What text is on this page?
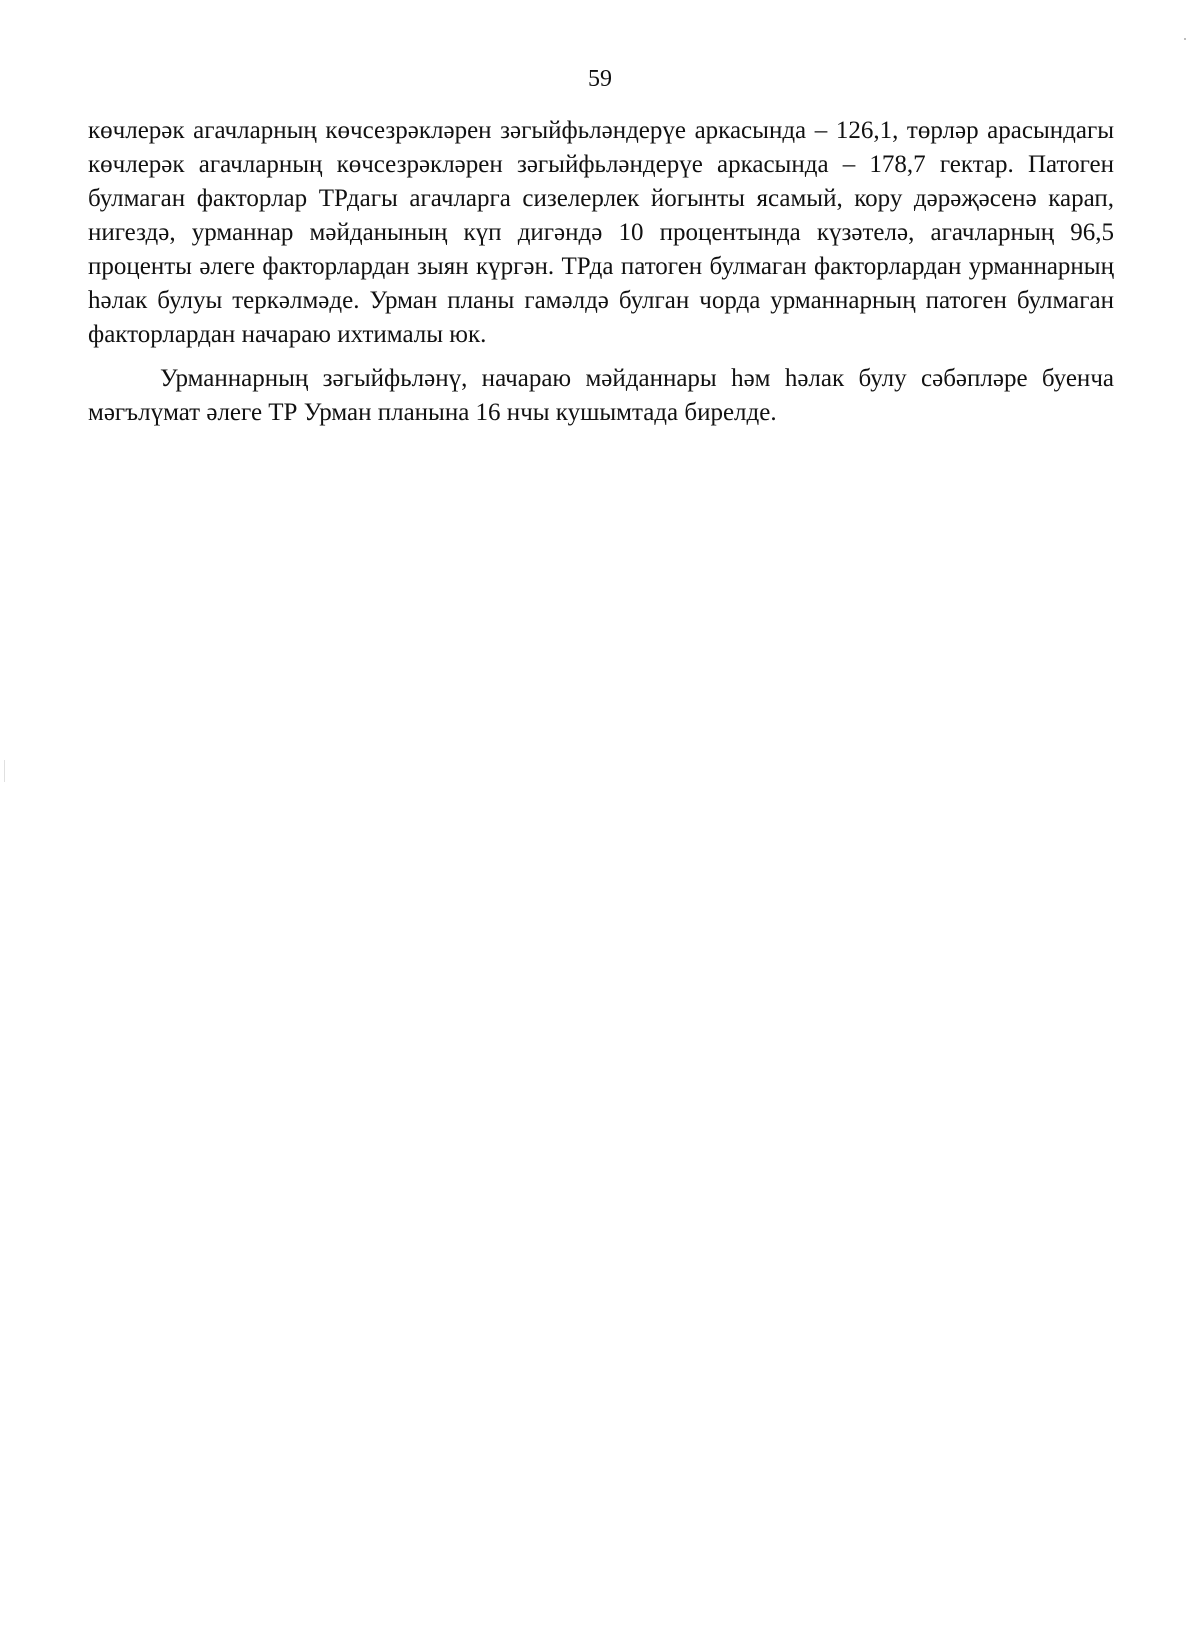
59

көчлерәк агачларның көчсезрәкләрен зәгыйфьләндерүе аркасында – 126,1, төрләр арасындагы көчлерәк агачларның көчсезрәкләрен зәгыйфьләндерүе аркасында – 178,7 гектар. Патоген булмаган факторлар ТРдагы агачларга сизелерлек йогынты ясамый, кору дәрәҗәсенә карап, нигездә, урманнар мәйданының күп дигәндә 10 процентында күзәтелә, агачларның 96,5 проценты әлеге факторлардан зыян күргән. ТРда патоген булмаган факторлардан урманнарның һәлак булуы теркәлмәде. Урман планы гамәлдә булган чорда урманнарның патоген булмаган факторлардан начараю ихтималы юк.

Урманнарның зәгыйфьләнү, начараю мәйданнары һәм һәлак булу сәбәпләре буенча мәгълүмат әлеге ТР Урман планына 16 нчы кушымтада бирелде.
